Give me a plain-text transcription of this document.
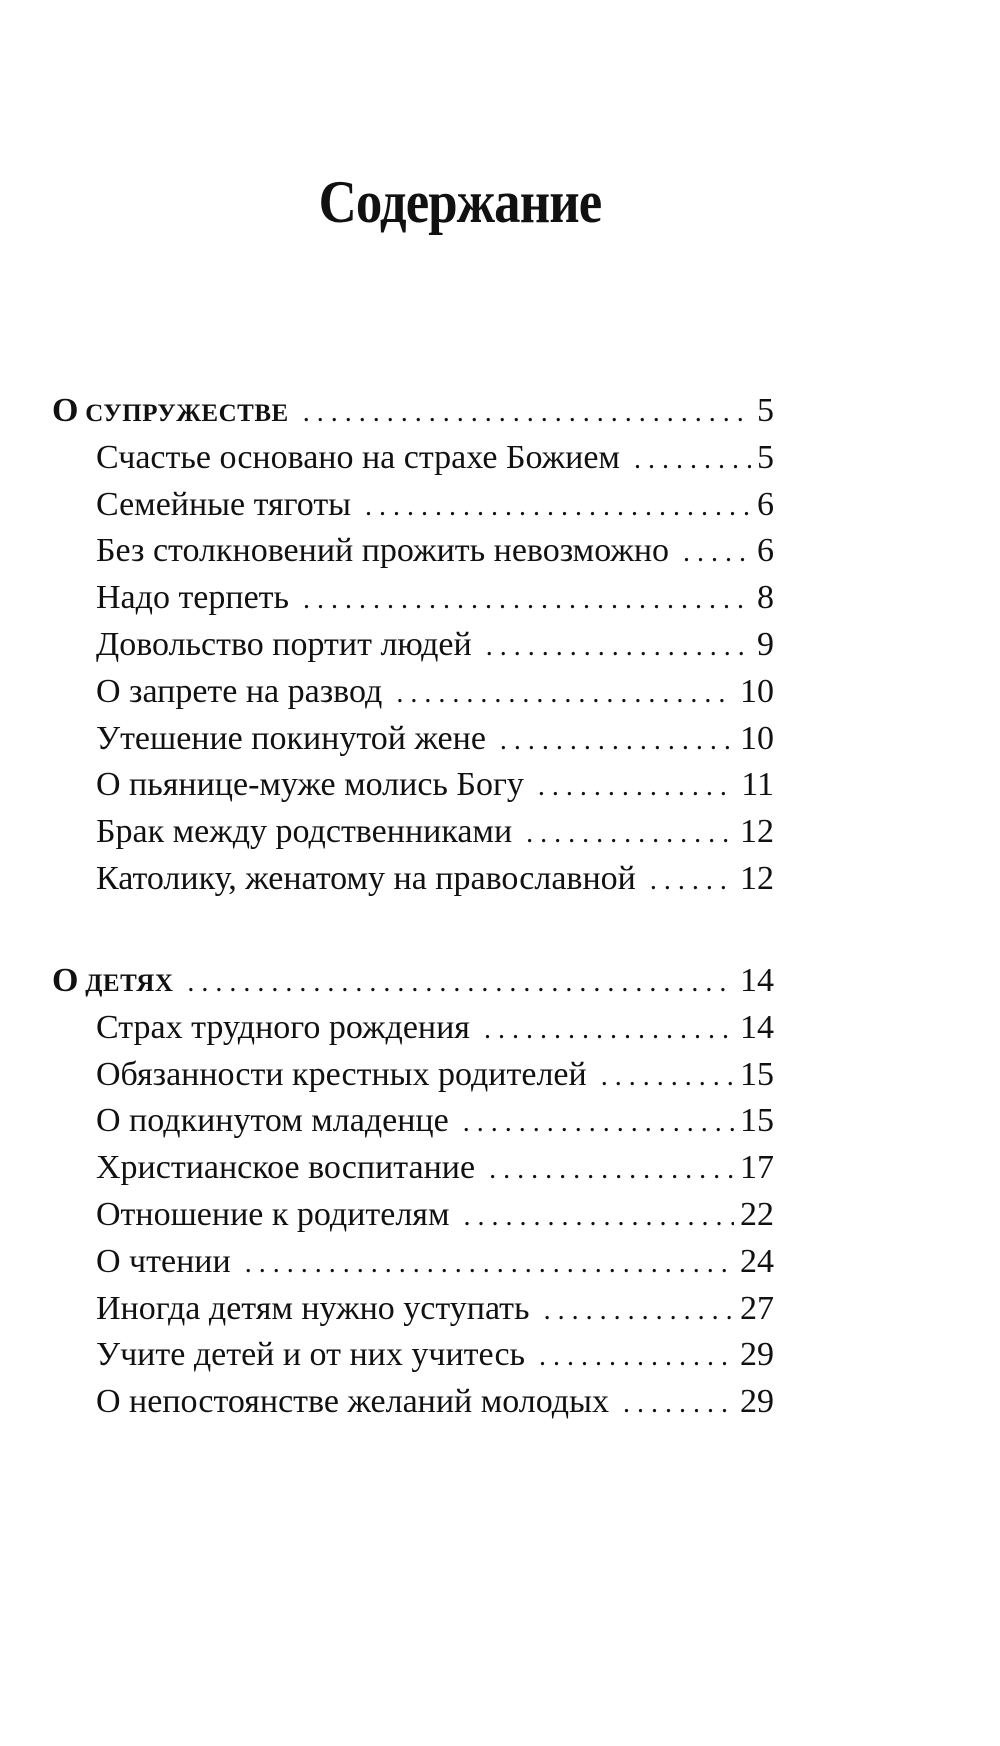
Содержание
О СУПРУЖЕСТВЕ . . .	5
Счастье основано на страхе Божием . . .	5
Семейные тяготы . . .	6
Без столкновений прожить невозможно . . .	6
Надо терпеть . . .	8
Довольство портит людей . . .	9
О запрете на развод . . .	10
Утешение покинутой жене . . .	10
О пьянице-муже молись Богу . . .	11
Брак между родственниками . . .	12
Католику, женатому на православной . . .	12
О ДЕТЯХ . . .	14
Страх трудного рождения . . .	14
Обязанности крестных родителей . . .	15
О подкинутом младенце . . .	15
Христианское воспитание . . .	17
Отношение к родителям . . .	22
О чтении . . .	24
Иногда детям нужно уступать . . .	27
Учите детей и от них учитесь . . .	29
О непостоянстве желаний молодых . . .	29
